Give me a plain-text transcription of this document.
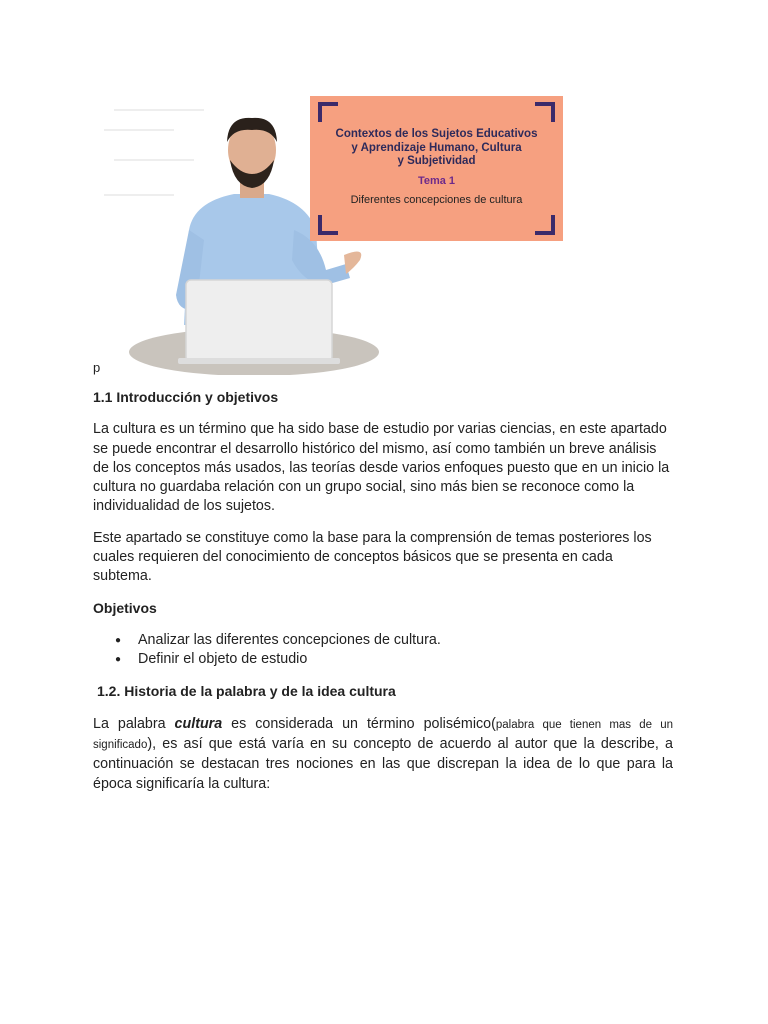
Contextos de los Sujetos Educativos
y Aprendizaje Humano, Cultura
y Subjetividad
Tema 1
Diferentes concepciones de cultura
p

1.1 Introducción y objetivos

La cultura es un término que ha sido base de estudio por varias ciencias, en este apartado se puede encontrar el desarrollo histórico del mismo, así como también un breve análisis de los conceptos más usados, las teorías desde varios enfoques puesto que en un inicio la cultura no guardaba relación con un grupo social, sino más bien se reconoce como la individualidad de los sujetos.

Este apartado se constituye como la base para la comprensión de temas posteriores los cuales requieren del conocimiento de conceptos básicos que se presenta en cada subtema.

Objetivos

● Analizar las diferentes concepciones de cultura.
● Definir el objeto de estudio

1.2. Historia de la palabra y de la idea cultura

La palabra cultura es considerada un término polisémico(palabra que tienen mas de un significado), es así que está varía en su concepto de acuerdo al autor que la describe, a continuación se destacan tres nociones en las que discrepan la idea de lo que para la época significaría la cultura:
